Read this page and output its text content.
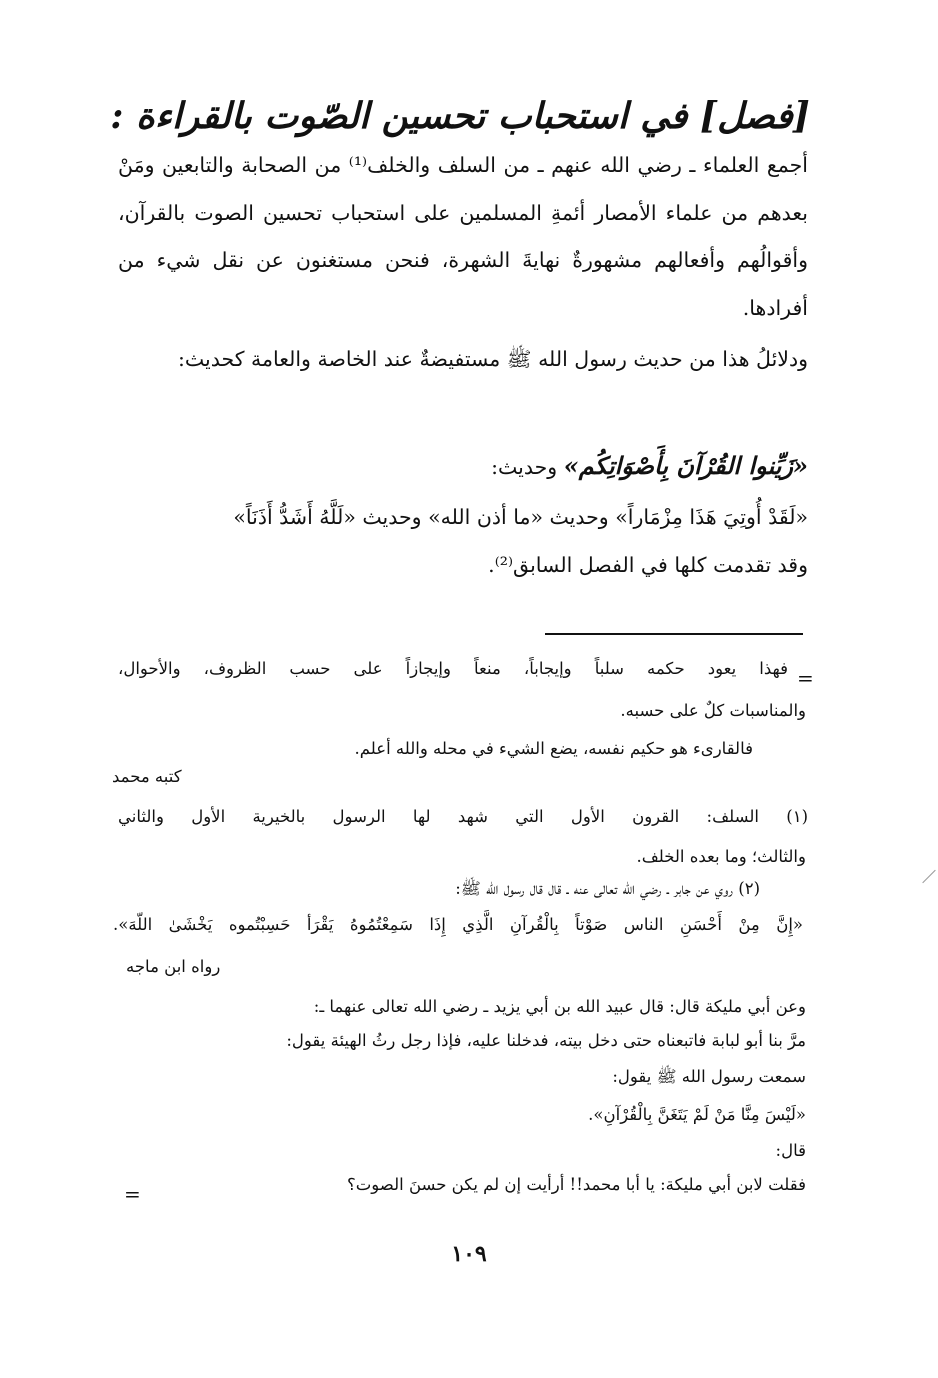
[فصل] في استحباب تحسين الصّوت بالقراءة :

أجمع العلماء ـ رضي الله عنهم ـ من السلف والخلف⁽¹⁾ من الصحابة والتابعين ومَنْ بعدهم من علماء الأمصار أئمةِ المسلمين على استحباب تحسين الصوت بالقرآن، وأقوالُهم وأفعالهم مشهورةٌ نهايةَ الشهرة، فنحن مستغنون عن نقل شيء من أفرادها.

ودلائلُ هذا من حديث رسول الله ﷺ مستفيضةٌ عند الخاصة والعامة كحديث:

«زَيِّنوا القُرْآنَ بِأَصْوَاتِكُم» وحديث:

«لَقَدْ أُوتِيَ هَذَا مِزْمَاراً» وحديث «ما أذن الله» وحديث «لَلَّهُ أَشَدُّ أَذَنَاً»

وقد تقدمت كلها في الفصل السابق⁽²⁾.

=
فهذا يعود حكمه سلباً وإيجاباً، منعاً وإيجازاً على حسب الظروف، والأحوال،
والمناسبات كلٌ على حسبه.
فالقارىء هو حكيم نفسه، يضع الشيء في محله والله أعلم.
كتبه محمد
(١) السلف: القرون الأول التي شهد لها الرسول بالخيرية الأول والثاني
والثالث؛ وما بعده الخلف.
(٢) روي عن جابر ـ رضي الله تعالى عنه ـ قال قال رسول الله ﷺ:
«إِنَّ مِنْ أَحْسَنِ الناس صَوْتاً بِالْقُرآنِ الَّذِي إِذَا سَمِعْتُمُوهُ يَقْرَأ حَسِبْتُموه يَخْشَىٰ اللّهَ».
رواه ابن ماجه
وعن أبي مليكة قال: قال عبيد الله بن أبي يزيد ـ رضي الله تعالى عنهما ـ:
مرَّ بنا أبو لبابة فاتبعناه حتى دخل بيته، فدخلنا عليه، فإذا رجل رثُ الهيئة يقول:
سمعت رسول الله ﷺ يقول:
«لَيْسَ مِنَّا مَنْ لَمْ يَتَغَنَّ بِالْقُرْآنِ».
قال:
فقلت لابن أبي مليكة: يا أبا محمد!! أرأيت إن لم يكن حسنَ الصوت؟
=
١٠٩
